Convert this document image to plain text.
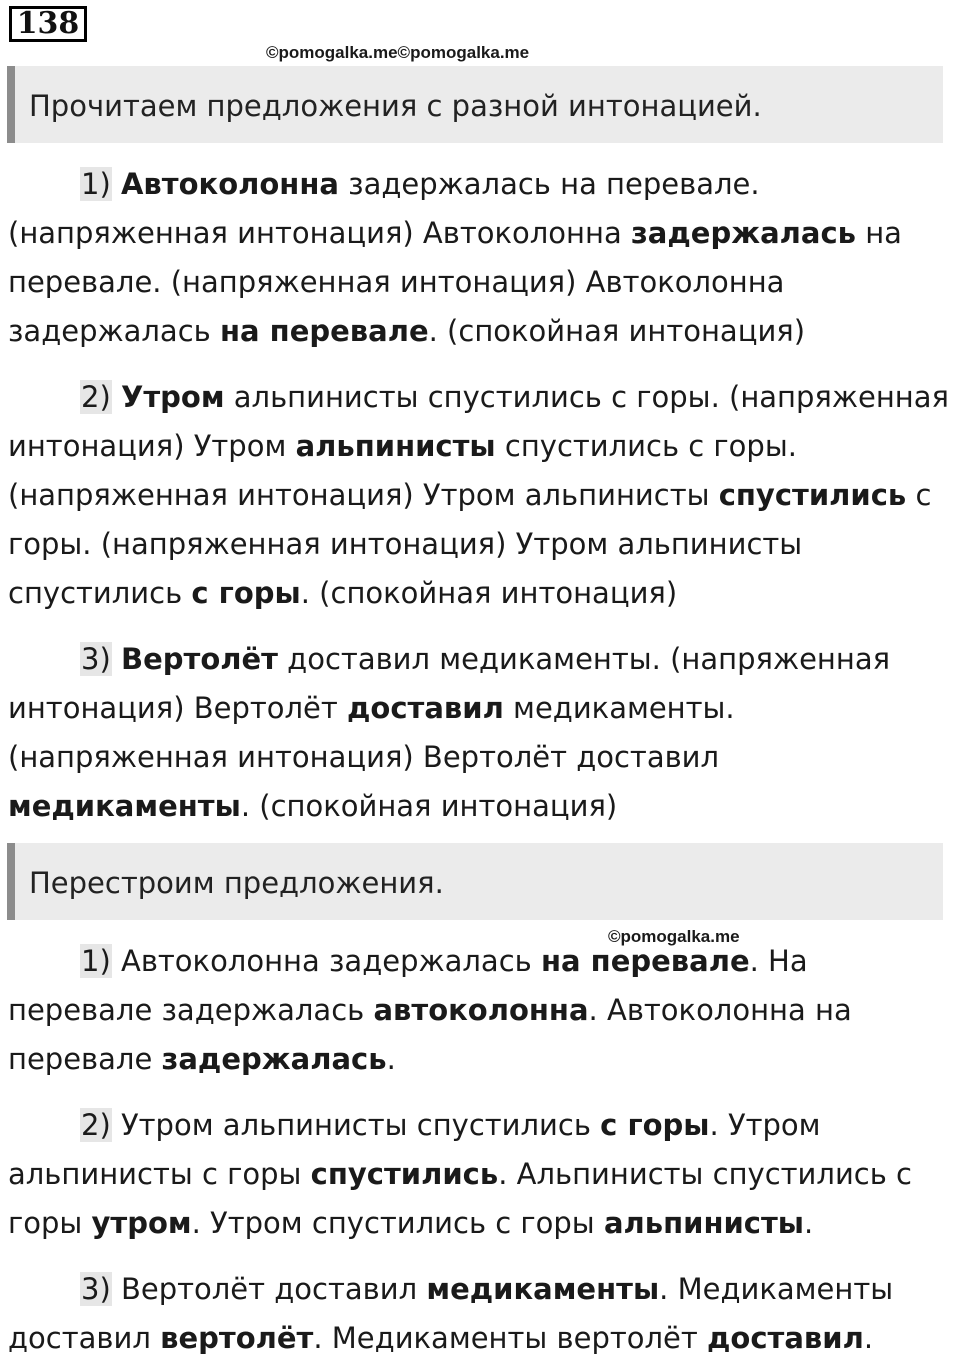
138
©pomogalka.me©pomogalka.me
Прочитаем предложения с разной интонацией.

1) Автоколонна задержалась на перевале. (напряженная интонация) Автоколонна задержалась на перевале. (напряженная интонация) Автоколонна задержалась на перевале. (спокойная интонация)

2) Утром альпинисты спустились с горы. (напряженная интонация) Утром альпинисты спустились с горы. (напряженная интонация) Утром альпинисты спустились с горы. (напряженная интонация) Утром альпинисты спустились с горы. (спокойная интонация)

3) Вертолёт доставил медикаменты. (напряженная интонация) Вертолёт доставил медикаменты. (напряженная интонация) Вертолёт доставил медикаменты. (спокойная интонация)

Перестроим предложения.
©pomogalka.me

1) Автоколонна задержалась на перевале. На перевале задержалась автоколонна. Автоколонна на перевале задержалась.

2) Утром альпинисты спустились с горы. Утром альпинисты с горы спустились. Альпинисты спустились с горы утром. Утром спустились с горы альпинисты.

3) Вертолёт доставил медикаменты. Медикаменты доставил вертолёт. Медикаменты вертолёт доставил.
